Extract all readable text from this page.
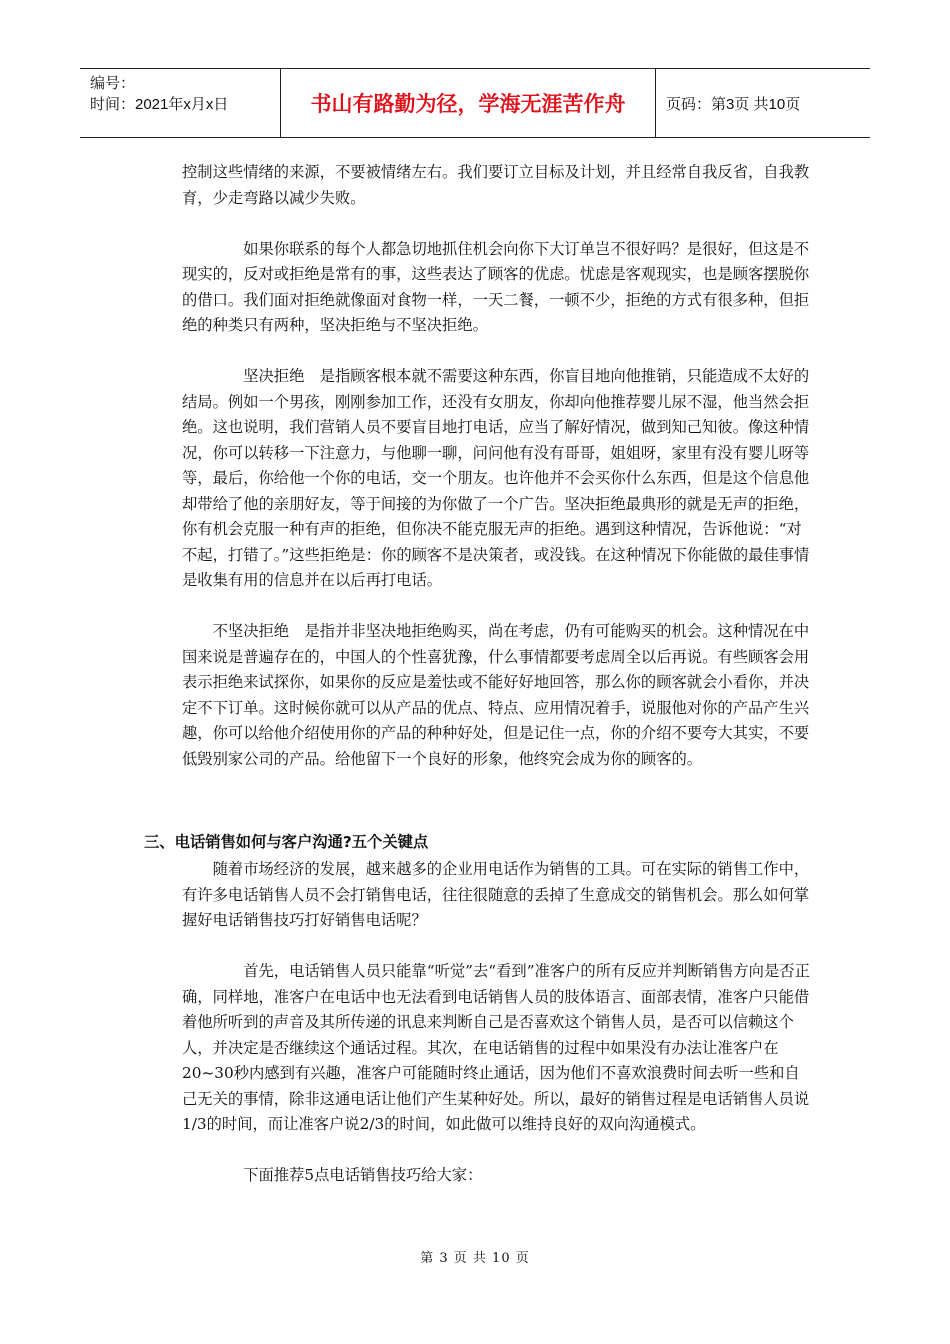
编号：
时间：2021年x月x日	书山有路勤为径，学海无涯苦作舟	页码：第3页 共10页

控制这些情绪的来源，不要被情绪左右。我们要订立目标及计划，并且经常自我反省，自我教育，少走弯路以减少失败。

如果你联系的每个人都急切地抓住机会向你下大订单岂不很好吗？是很好，但这是不现实的，反对或拒绝是常有的事，这些表达了顾客的优虑。忧虑是客观现实，也是顾客摆脱你的借口。我们面对拒绝就像面对食物一样，一天二餐，一顿不少，拒绝的方式有很多种，但拒绝的种类只有两种，坚决拒绝与不坚决拒绝。

坚决拒绝　是指顾客根本就不需要这种东西，你盲目地向他推销，只能造成不太好的结局。例如一个男孩，刚刚参加工作，还没有女朋友，你却向他推荐婴儿尿不湿，他当然会拒绝。这也说明，我们营销人员不要盲目地打电话，应当了解好情况，做到知己知彼。像这种情况，你可以转移一下注意力，与他聊一聊，问问他有没有哥哥，姐姐呀，家里有没有婴儿呀等等，最后，你给他一个你的电话，交一个朋友。也许他并不会买你什么东西，但是这个信息他却带给了他的亲朋好友，等于间接的为你做了一个广告。坚决拒绝最典形的就是无声的拒绝，你有机会克服一种有声的拒绝，但你决不能克服无声的拒绝。遇到这种情况，告诉他说：“对不起，打错了。”这些拒绝是：你的顾客不是决策者，或没钱。在这种情况下你能做的最佳事情是收集有用的信息并在以后再打电话。

不坚决拒绝　是指并非坚决地拒绝购买，尚在考虑，仍有可能购买的机会。这种情况在中国来说是普遍存在的，中国人的个性喜犹豫，什么事情都要考虑周全以后再说。有些顾客会用表示拒绝来试探你，如果你的反应是羞怯或不能好好地回答，那么你的顾客就会小看你，并决定不下订单。这时候你就可以从产品的优点、特点、应用情况着手，说服他对你的产品产生兴趣，你可以给他介绍使用你的产品的种种好处，但是记住一点，你的介绍不要夸大其实，不要低毁别家公司的产品。给他留下一个良好的形象，他终究会成为你的顾客的。

三、电话销售如何与客户沟通?五个关键点

随着市场经济的发展，越来越多的企业用电话作为销售的工具。可在实际的销售工作中，有许多电话销售人员不会打销售电话，往往很随意的丢掉了生意成交的销售机会。那么如何掌握好电话销售技巧打好销售电话呢？

首先，电话销售人员只能靠“听觉”去“看到”准客户的所有反应并判断销售方向是否正确，同样地，准客户在电话中也无法看到电话销售人员的肢体语言、面部表情，准客户只能借着他所听到的声音及其所传递的讯息来判断自己是否喜欢这个销售人员，是否可以信赖这个人，并决定是否继续这个通话过程。其次，在电话销售的过程中如果没有办法让准客户在20~30秒内感到有兴趣，准客户可能随时终止通话，因为他们不喜欢浪费时间去听一些和自己无关的事情，除非这通电话让他们产生某种好处。所以，最好的销售过程是电话销售人员说1/3的时间，而让准客户说2/3的时间，如此做可以维持良好的双向沟通模式。

下面推荐5点电话销售技巧给大家：

第 3 页 共 10 页
